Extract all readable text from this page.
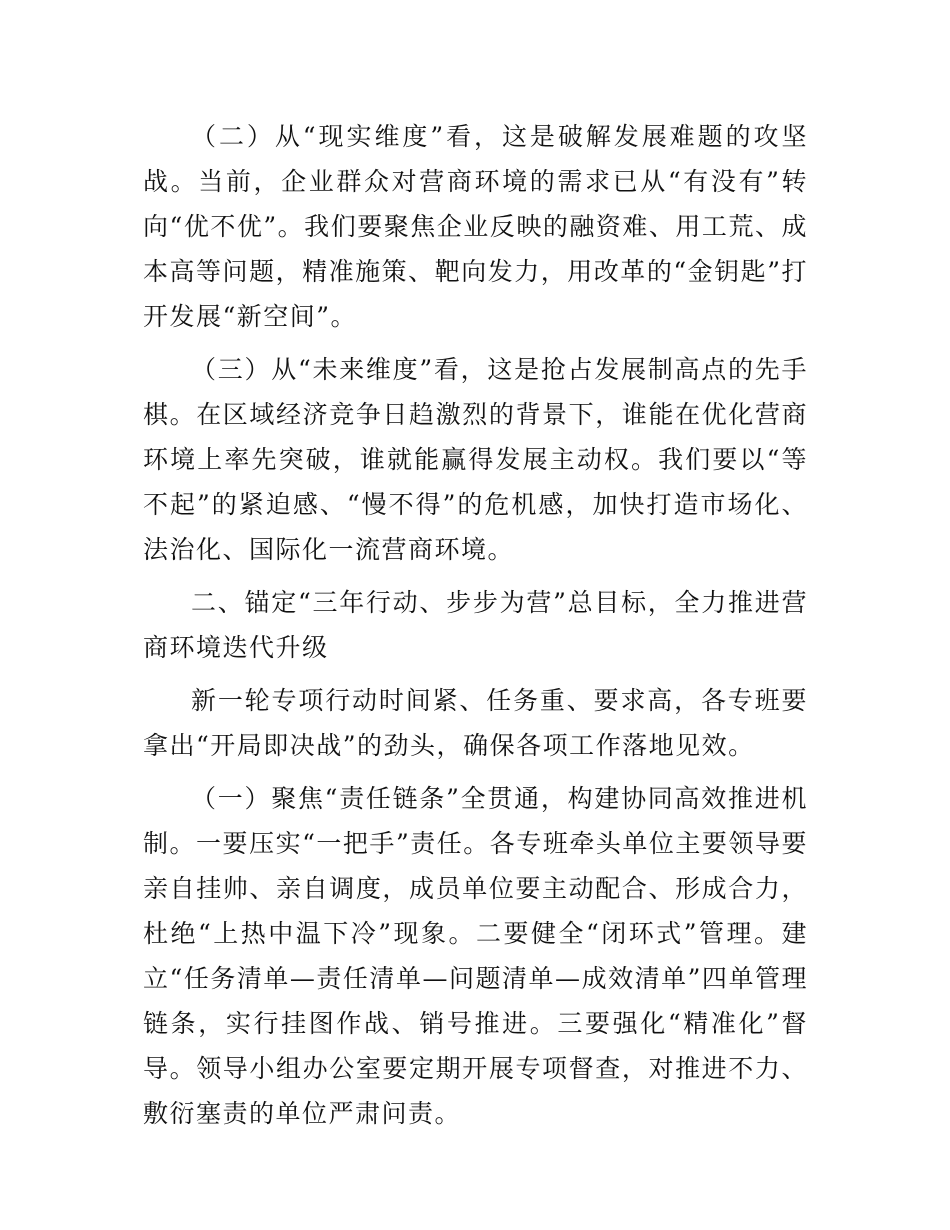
（二）从“现实维度”看，这是破解发展难题的攻坚战。当前，企业群众对营商环境的需求已从“有没有”转向“优不优”。我们要聚焦企业反映的融资难、用工荒、成本高等问题，精准施策、靶向发力，用改革的“金钥匙”打开发展“新空间”。

（三）从“未来维度”看，这是抢占发展制高点的先手棋。在区域经济竞争日趋激烈的背景下，谁能在优化营商环境上率先突破，谁就能赢得发展主动权。我们要以“等不起”的紧迫感、“慢不得”的危机感，加快打造市场化、法治化、国际化一流营商环境。

二、锚定“三年行动、步步为营”总目标，全力推进营商环境迭代升级

新一轮专项行动时间紧、任务重、要求高，各专班要拿出“开局即决战”的劲头，确保各项工作落地见效。

（一）聚焦“责任链条”全贯通，构建协同高效推进机制。一要压实“一把手”责任。各专班牵头单位主要领导要亲自挂帅、亲自调度，成员单位要主动配合、形成合力，杜绝“上热中温下冷”现象。二要健全“闭环式”管理。建立“任务清单—责任清单—问题清单—成效清单”四单管理链条，实行挂图作战、销号推进。三要强化“精准化”督导。领导小组办公室要定期开展专项督查，对推进不力、敷衍塞责的单位严肃问责。
